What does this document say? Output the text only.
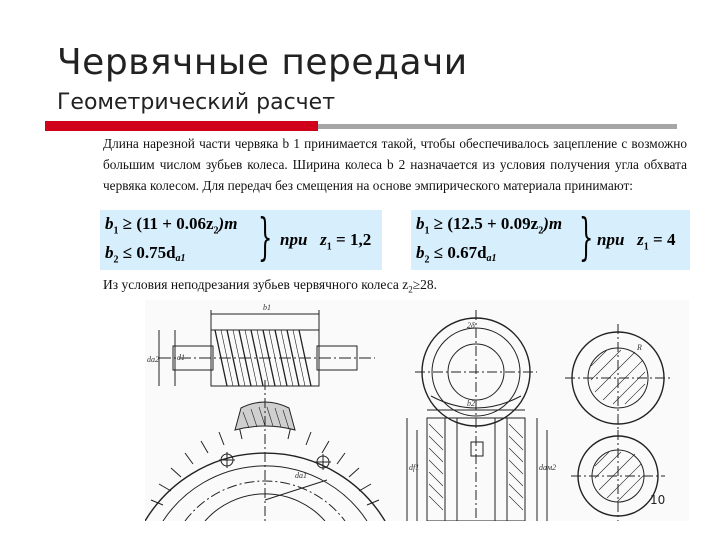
Червячные передачи
Геометрический расчет
Длина нарезной части червяка b 1 принимается такой, чтобы обеспечивалось зацепление с возможно большим числом зубьев колеса. Ширина колеса b 2 назначается из условия получения угла обхвата червяка колесом. Для передач без смещения на основе эмпирического материала принимают:
$b_1 \ge (11 + 0.06z_2)m$
$b_2 \le 0.75da1$ } при $z_1 = 1,2$
$b_1 \ge (12.5 + 0.09z_2)m$
$b_2 \le 0.67da1$ } при $z_1 = 4$
Из условия неподрезания зубьев червячного колеса $z_2\ge 28$.
dа2
b1
d1
dа1
df1
b2
dам2
R
2δ
10
